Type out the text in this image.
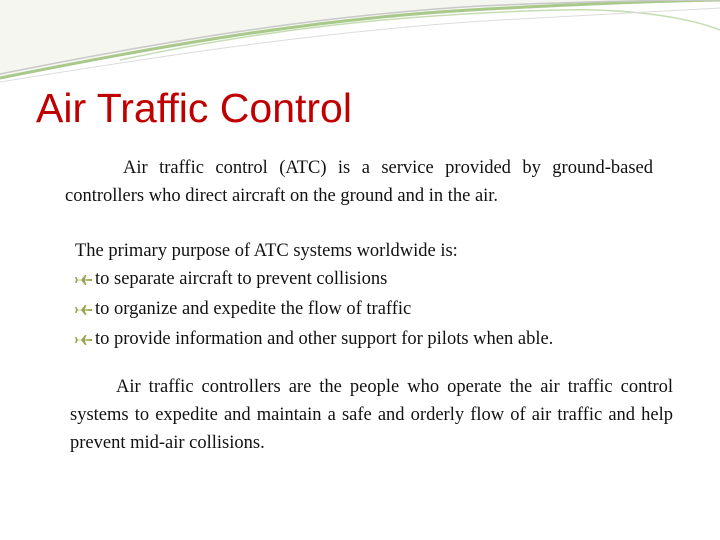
Air Traffic Control

Air traffic control (ATC) is a service provided by ground-based controllers who direct aircraft on the ground and in the air.

The primary purpose of ATC systems worldwide is:

to separate aircraft to prevent collisions
to organize and expedite the flow of traffic
to provide information and other support for pilots when able.

Air traffic controllers are the people who operate the air traffic control systems to expedite and maintain a safe and orderly flow of air traffic and help prevent mid-air collisions.
